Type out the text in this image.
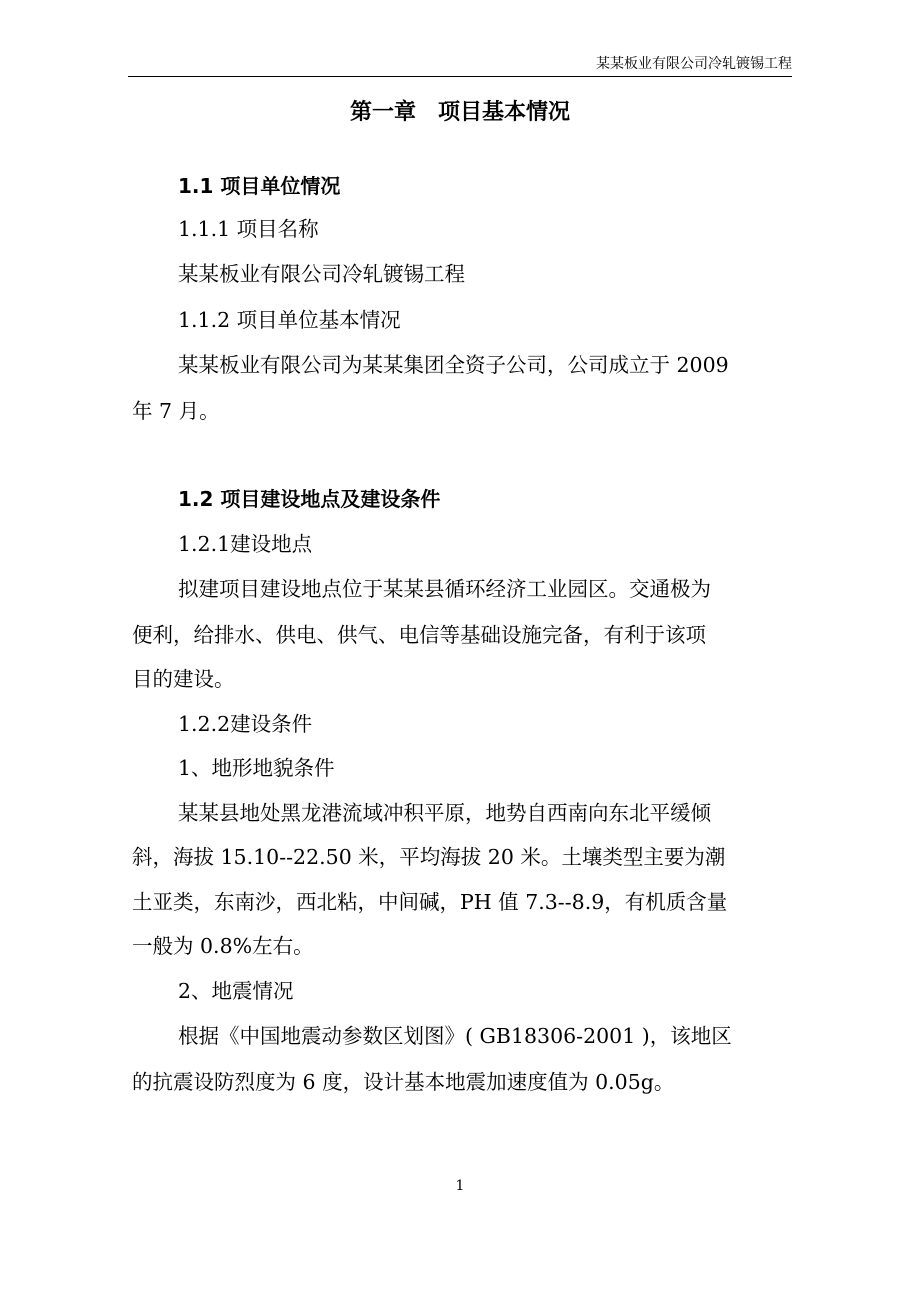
某某板业有限公司冷轧镀锡工程
第一章　项目基本情况
1.1 项目单位情况
1.1.1 项目名称
某某板业有限公司冷轧镀锡工程
1.1.2 项目单位基本情况
某某板业有限公司为某某集团全资子公司，公司成立于 2009
年 7 月。
1.2 项目建设地点及建设条件
1.2.1建设地点
拟建项目建设地点位于某某县循环经济工业园区。交通极为
便利，给排水、供电、供气、电信等基础设施完备，有利于该项
目的建设。
1.2.2建设条件
1、地形地貌条件
某某县地处黑龙港流域冲积平原，地势自西南向东北平缓倾
斜，海拔 15.10--22.50 米，平均海拔 20 米。土壤类型主要为潮
土亚类，东南沙，西北粘，中间碱，PH 值 7.3--8.9，有机质含量
一般为 0.8%左右。
2、地震情况
根据《中国地震动参数区划图》( GB18306-2001 )，该地区
的抗震设防烈度为 6 度，设计基本地震加速度值为 0.05g。
1
